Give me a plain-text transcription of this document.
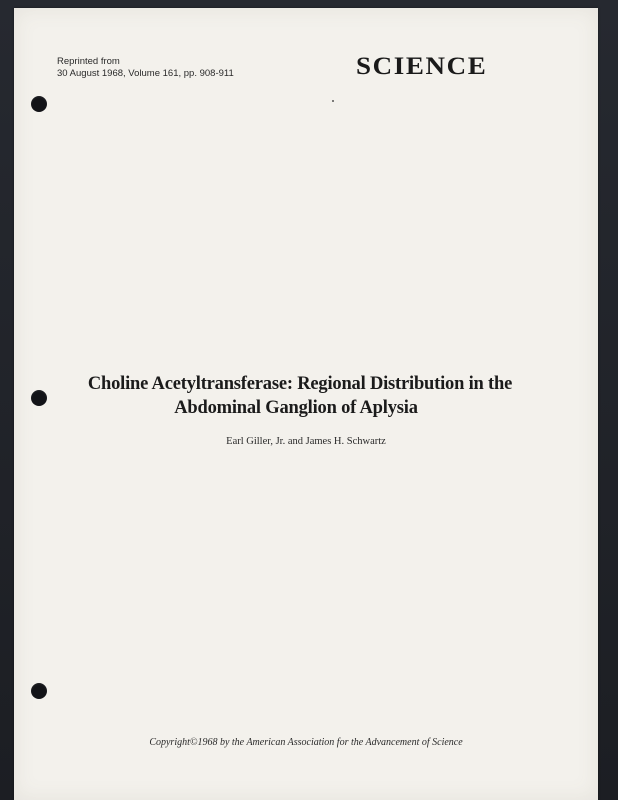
Reprinted from
30 August 1968, Volume 161, pp. 908-911	SCIENCE
Choline Acetyltransferase: Regional Distribution in the
Abdominal Ganglion of Aplysia
Earl Giller, Jr. and James H. Schwartz
Copyright©1968 by the American Association for the Advancement of Science
